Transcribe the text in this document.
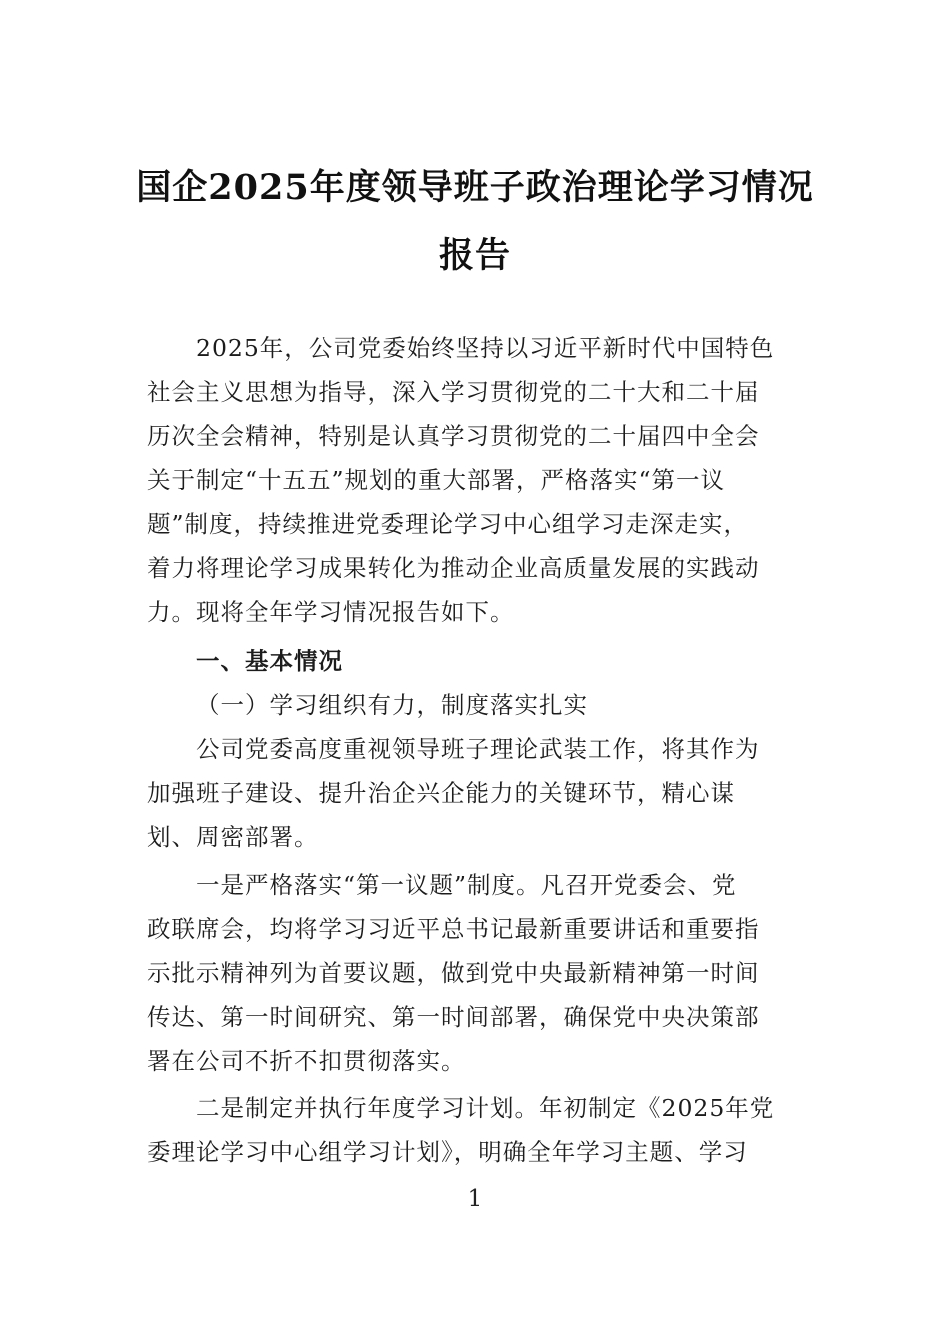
国企2025年度领导班子政治理论学习情况
报告
2025年，公司党委始终坚持以习近平新时代中国特色
社会主义思想为指导，深入学习贯彻党的二十大和二十届
历次全会精神，特别是认真学习贯彻党的二十届四中全会
关于制定“十五五”规划的重大部署，严格落实“第一议
题”制度，持续推进党委理论学习中心组学习走深走实，
着力将理论学习成果转化为推动企业高质量发展的实践动
力。现将全年学习情况报告如下。
一、基本情况
（一）学习组织有力，制度落实扎实
公司党委高度重视领导班子理论武装工作，将其作为
加强班子建设、提升治企兴企能力的关键环节，精心谋
划、周密部署。
一是严格落实“第一议题”制度。凡召开党委会、党
政联席会，均将学习习近平总书记最新重要讲话和重要指
示批示精神列为首要议题，做到党中央最新精神第一时间
传达、第一时间研究、第一时间部署，确保党中央决策部
署在公司不折不扣贯彻落实。
二是制定并执行年度学习计划。年初制定《2025年党
委理论学习中心组学习计划》，明确全年学习主题、学习
1
